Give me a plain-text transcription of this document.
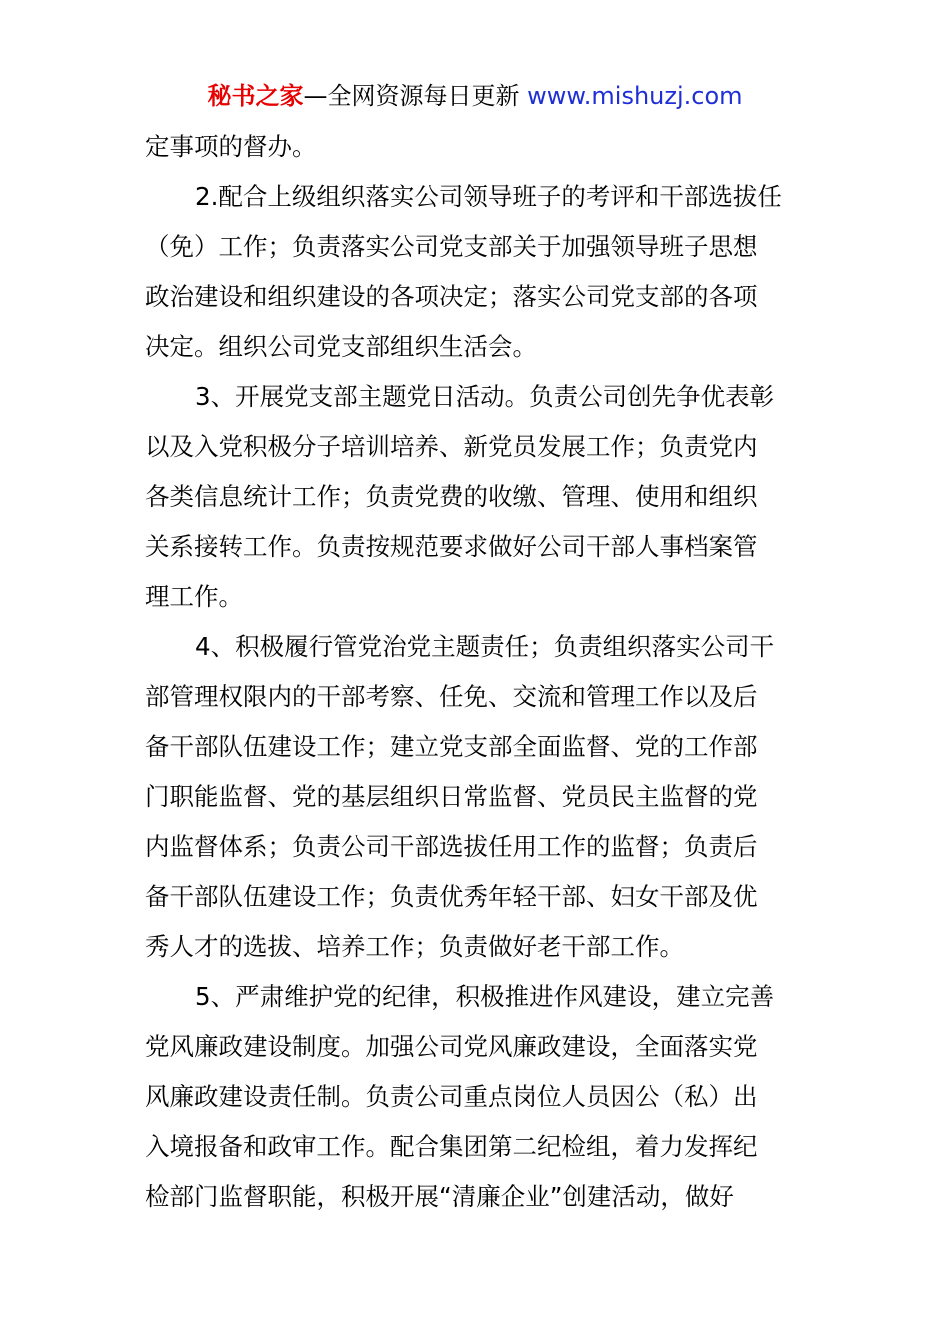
秘书之家—全网资源每日更新 www.mishuzj.com
定事项的督办。
2.配合上级组织落实公司领导班子的考评和干部选拔任
（免）工作；负责落实公司党支部关于加强领导班子思想
政治建设和组织建设的各项决定；落实公司党支部的各项
决定。组织公司党支部组织生活会。
3、开展党支部主题党日活动。负责公司创先争优表彰
以及入党积极分子培训培养、新党员发展工作；负责党内
各类信息统计工作；负责党费的收缴、管理、使用和组织
关系接转工作。负责按规范要求做好公司干部人事档案管
理工作。
4、积极履行管党治党主题责任；负责组织落实公司干
部管理权限内的干部考察、任免、交流和管理工作以及后
备干部队伍建设工作；建立党支部全面监督、党的工作部
门职能监督、党的基层组织日常监督、党员民主监督的党
内监督体系；负责公司干部选拔任用工作的监督；负责后
备干部队伍建设工作；负责优秀年轻干部、妇女干部及优
秀人才的选拔、培养工作；负责做好老干部工作。
5、严肃维护党的纪律，积极推进作风建设，建立完善
党风廉政建设制度。加强公司党风廉政建设，全面落实党
风廉政建设责任制。负责公司重点岗位人员因公（私）出
入境报备和政审工作。配合集团第二纪检组，着力发挥纪
检部门监督职能，积极开展“清廉企业”创建活动，做好
